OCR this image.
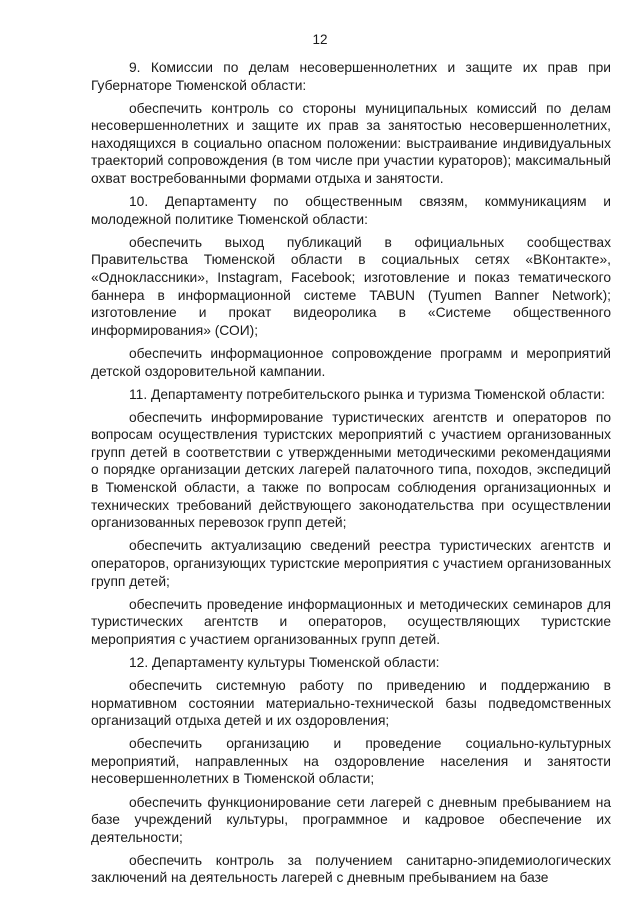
12

9. Комиссии по делам несовершеннолетних и защите их прав при Губернаторе Тюменской области:

обеспечить контроль со стороны муниципальных комиссий по делам несовершеннолетних и защите их прав за занятостью несовершеннолетних, находящихся в социально опасном положении: выстраивание индивидуальных траекторий сопровождения (в том числе при участии кураторов); максимальный охват востребованными формами отдыха и занятости.

10. Департаменту по общественным связям, коммуникациям и молодежной политике Тюменской области:

обеспечить выход публикаций в официальных сообществах Правительства Тюменской области в социальных сетях «ВКонтакте», «Одноклассники», Instagram, Facebook; изготовление и показ тематического баннера в информационной системе TABUN (Tyumen Banner Network); изготовление и прокат видеоролика в «Системе общественного информирования» (СОИ);

обеспечить информационное сопровождение программ и мероприятий детской оздоровительной кампании.

11. Департаменту потребительского рынка и туризма Тюменской области:

обеспечить информирование туристических агентств и операторов по вопросам осуществления туристских мероприятий с участием организованных групп детей в соответствии с утвержденными методическими рекомендациями о порядке организации детских лагерей палаточного типа, походов, экспедиций в Тюменской области, а также по вопросам соблюдения организационных и технических требований действующего законодательства при осуществлении организованных перевозок групп детей;

обеспечить актуализацию сведений реестра туристических агентств и операторов, организующих туристские мероприятия с участием организованных групп детей;

обеспечить проведение информационных и методических семинаров для туристических агентств и операторов, осуществляющих туристские мероприятия с участием организованных групп детей.

12. Департаменту культуры Тюменской области:

обеспечить системную работу по приведению и поддержанию в нормативном состоянии материально-технической базы подведомственных организаций отдыха детей и их оздоровления;

обеспечить организацию и проведение социально-культурных мероприятий, направленных на оздоровление населения и занятости несовершеннолетних в Тюменской области;

обеспечить функционирование сети лагерей с дневным пребыванием на базе учреждений культуры, программное и кадровое обеспечение их деятельности;

обеспечить контроль за получением санитарно-эпидемиологических заключений на деятельность лагерей с дневным пребыванием на базе
